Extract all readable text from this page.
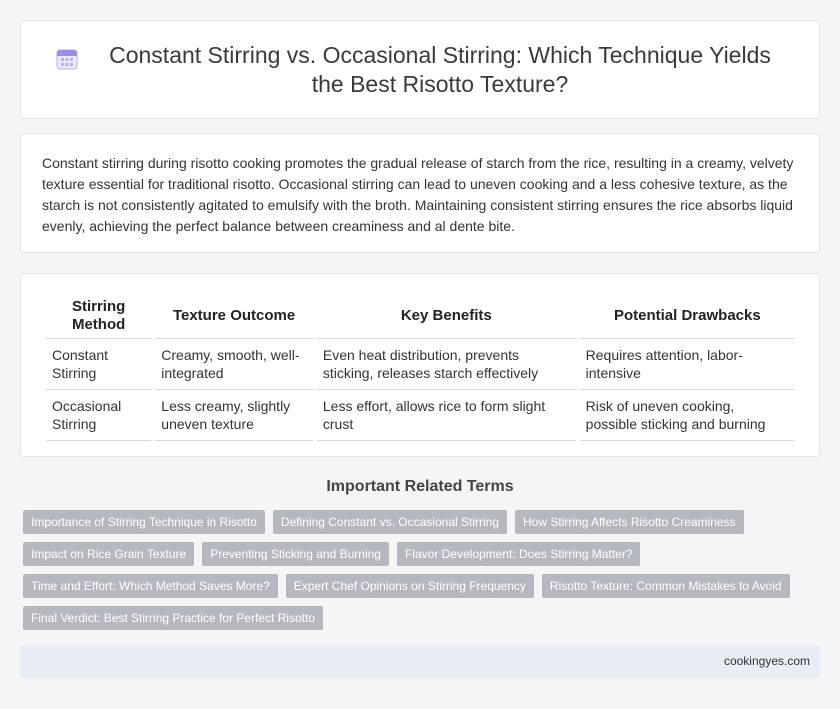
Constant Stirring vs. Occasional Stirring: Which Technique Yields the Best Risotto Texture?

Constant stirring during risotto cooking promotes the gradual release of starch from the rice, resulting in a creamy, velvety texture essential for traditional risotto. Occasional stirring can lead to uneven cooking and a less cohesive texture, as the starch is not consistently agitated to emulsify with the broth. Maintaining consistent stirring ensures the rice absorbs liquid evenly, achieving the perfect balance between creaminess and al dente bite.

Stirring Method	Texture Outcome	Key Benefits	Potential Drawbacks
Constant Stirring	Creamy, smooth, well-integrated	Even heat distribution, prevents sticking, releases starch effectively	Requires attention, labor-intensive
Occasional Stirring	Less creamy, slightly uneven texture	Less effort, allows rice to form slight crust	Risk of uneven cooking, possible sticking and burning
Important Related Terms
Importance of Stirring Technique in Risotto	Defining Constant vs. Occasional Stirring	How Stirring Affects Risotto Creaminess
Impact on Rice Grain Texture	Preventing Sticking and Burning	Flavor Development: Does Stirring Matter?
Time and Effort: Which Method Saves More?	Expert Chef Opinions on Stirring Frequency	Risotto Texture: Common Mistakes to Avoid
Final Verdict: Best Stirring Practice for Perfect Risotto
cookingyes.com
